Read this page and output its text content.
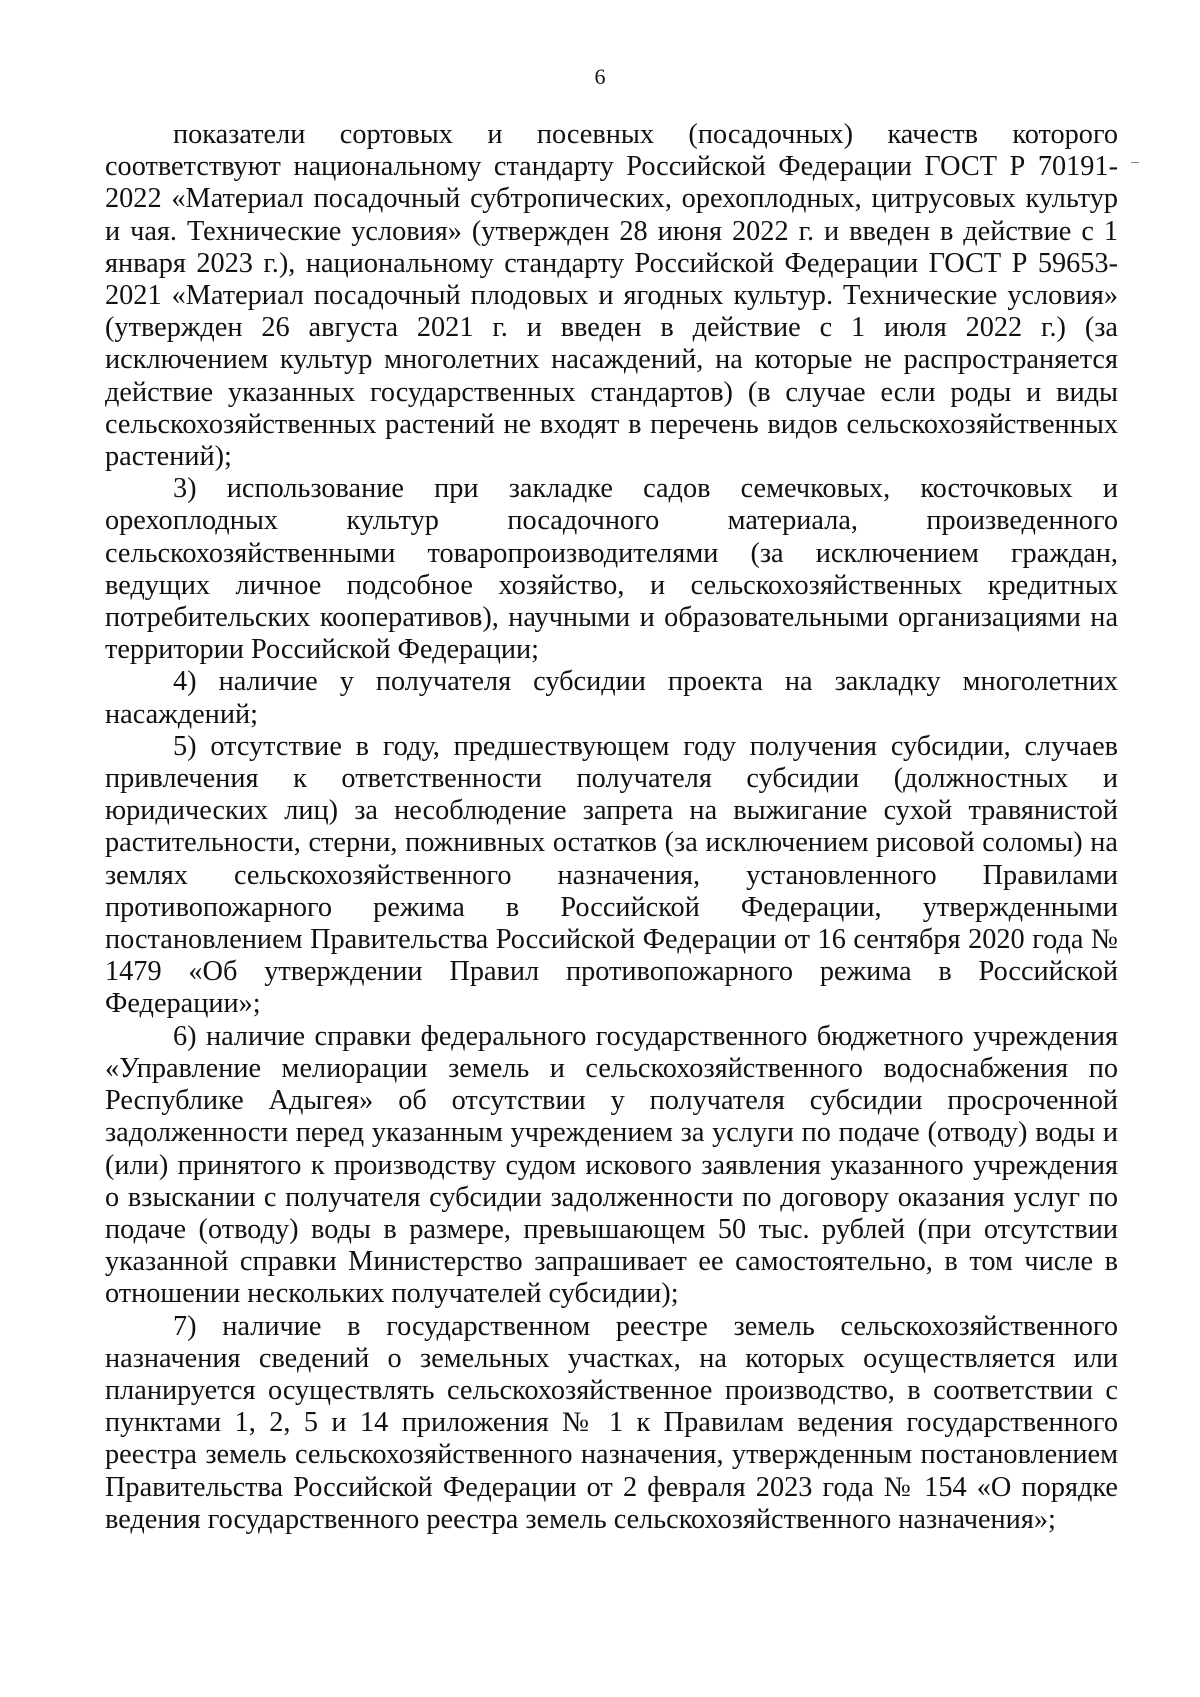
6

показатели сортовых и посевных (посадочных) качеств которого соответствуют национальному стандарту Российской Федерации ГОСТ Р 70191-2022 «Материал посадочный субтропических, орехоплодных, цитрусовых культур и чая. Технические условия» (утвержден 28 июня 2022 г. и введен в действие с 1 января 2023 г.), национальному стандарту Российской Федерации ГОСТ Р 59653-2021 «Материал посадочный плодовых и ягодных культур. Технические условия» (утвержден 26 августа 2021 г. и введен в действие с 1 июля 2022 г.) (за исключением культур многолетних насаждений, на которые не распространяется действие указанных государственных стандартов) (в случае если роды и виды сельскохозяйственных растений не входят в перечень видов сельскохозяйственных растений);

3) использование при закладке садов семечковых, косточковых и орехоплодных культур посадочного материала, произведенного сельскохозяйственными товаропроизводителями (за исключением граждан, ведущих личное подсобное хозяйство, и сельскохозяйственных кредитных потребительских кооперативов), научными и образовательными организациями на территории Российской Федерации;

4) наличие у получателя субсидии проекта на закладку многолетних насаждений;

5) отсутствие в году, предшествующем году получения субсидии, случаев привлечения к ответственности получателя субсидии (должностных и юридических лиц) за несоблюдение запрета на выжигание сухой травянистой растительности, стерни, пожнивных остатков (за исключением рисовой соломы) на землях сельскохозяйственного назначения, установленного Правилами противопожарного режима в Российской Федерации, утвержденными постановлением Правительства Российской Федерации от 16 сентября 2020 года № 1479 «Об утверждении Правил противопожарного режима в Российской Федерации»;

6) наличие справки федерального государственного бюджетного учреждения «Управление мелиорации земель и сельскохозяйственного водоснабжения по Республике Адыгея» об отсутствии у получателя субсидии просроченной задолженности перед указанным учреждением за услуги по подаче (отводу) воды и (или) принятого к производству судом искового заявления указанного учреждения о взыскании с получателя субсидии задолженности по договору оказания услуг по подаче (отводу) воды в размере, превышающем 50 тыс. рублей (при отсутствии указанной справки Министерство запрашивает ее самостоятельно, в том числе в отношении нескольких получателей субсидии);

7) наличие в государственном реестре земель сельскохозяйственного назначения сведений о земельных участках, на которых осуществляется или планируется осуществлять сельскохозяйственное производство, в соответствии с пунктами 1, 2, 5 и 14 приложения № 1 к Правилам ведения государственного реестра земель сельскохозяйственного назначения, утвержденным постановлением Правительства Российской Федерации от 2 февраля 2023 года № 154 «О порядке ведения государственного реестра земель сельскохозяйственного назначения»;
